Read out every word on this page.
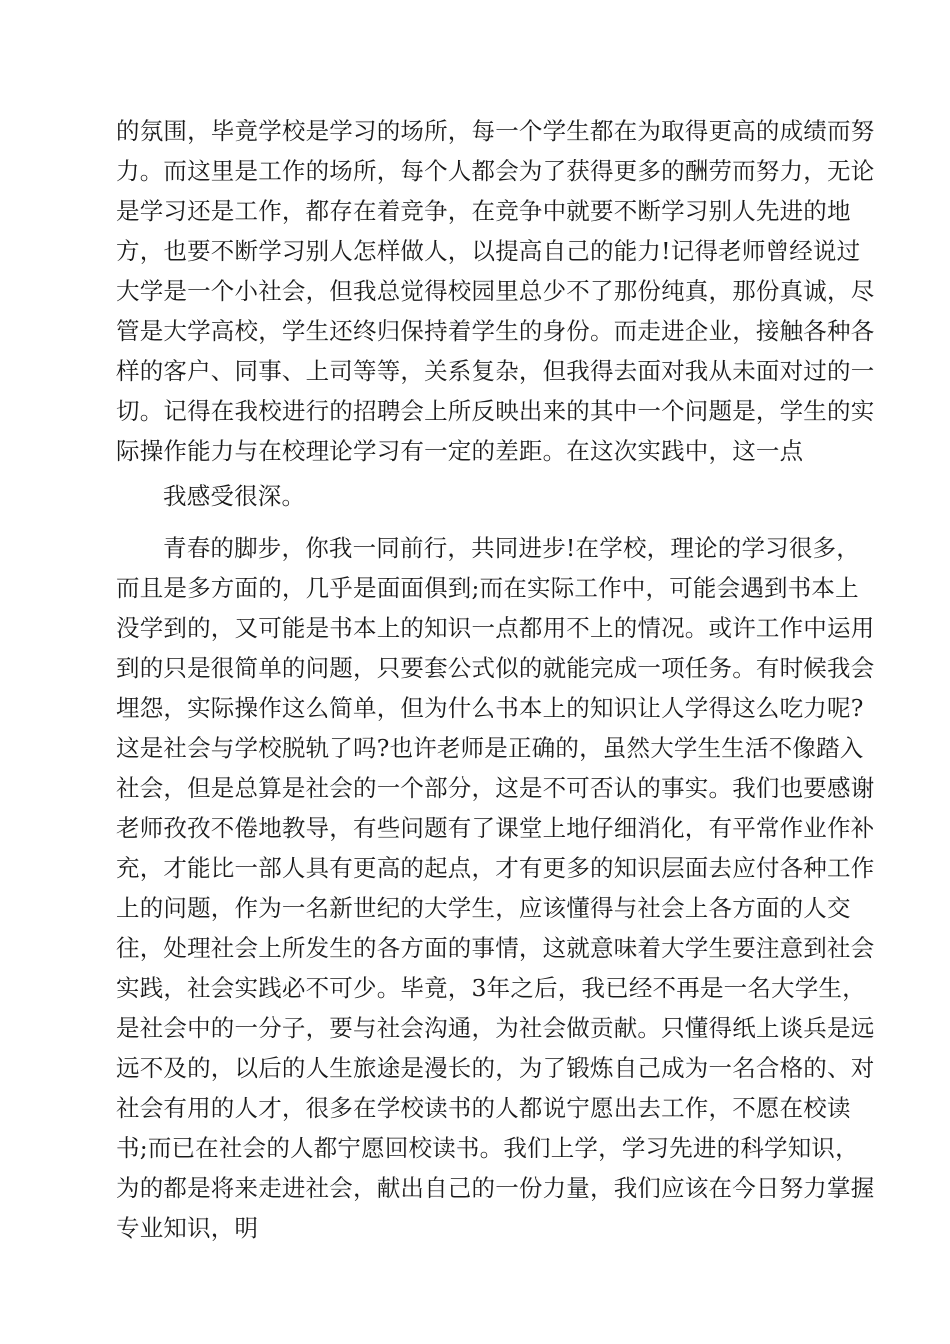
的氛围，毕竟学校是学习的场所，每一个学生都在为取得更高的成绩而努
力。而这里是工作的场所，每个人都会为了获得更多的酬劳而努力，无论
是学习还是工作，都存在着竞争，在竞争中就要不断学习别人先进的地
方，也要不断学习别人怎样做人，以提高自己的能力!记得老师曾经说过
大学是一个小社会，但我总觉得校园里总少不了那份纯真，那份真诚，尽
管是大学高校，学生还终归保持着学生的身份。而走进企业，接触各种各
样的客户、同事、上司等等，关系复杂，但我得去面对我从未面对过的一
切。记得在我校进行的招聘会上所反映出来的其中一个问题是，学生的实
际操作能力与在校理论学习有一定的差距。在这次实践中，这一点
我感受很深。
青春的脚步，你我一同前行，共同进步!在学校，理论的学习很多，
而且是多方面的，几乎是面面俱到;而在实际工作中，可能会遇到书本上
没学到的，又可能是书本上的知识一点都用不上的情况。或许工作中运用
到的只是很简单的问题，只要套公式似的就能完成一项任务。有时候我会
埋怨，实际操作这么简单，但为什么书本上的知识让人学得这么吃力呢?
这是社会与学校脱轨了吗?也许老师是正确的，虽然大学生生活不像踏入
社会，但是总算是社会的一个部分，这是不可否认的事实。我们也要感谢
老师孜孜不倦地教导，有些问题有了课堂上地仔细消化，有平常作业作补
充，才能比一部人具有更高的起点，才有更多的知识层面去应付各种工作
上的问题，作为一名新世纪的大学生，应该懂得与社会上各方面的人交
往，处理社会上所发生的各方面的事情，这就意味着大学生要注意到社会
实践，社会实践必不可少。毕竟，3年之后，我已经不再是一名大学生，
是社会中的一分子，要与社会沟通，为社会做贡献。只懂得纸上谈兵是远
远不及的，以后的人生旅途是漫长的，为了锻炼自己成为一名合格的、对
社会有用的人才，很多在学校读书的人都说宁愿出去工作，不愿在校读
书;而已在社会的人都宁愿回校读书。我们上学，学习先进的科学知识，
为的都是将来走进社会，献出自己的一份力量，我们应该在今日努力掌握
专业知识，明
